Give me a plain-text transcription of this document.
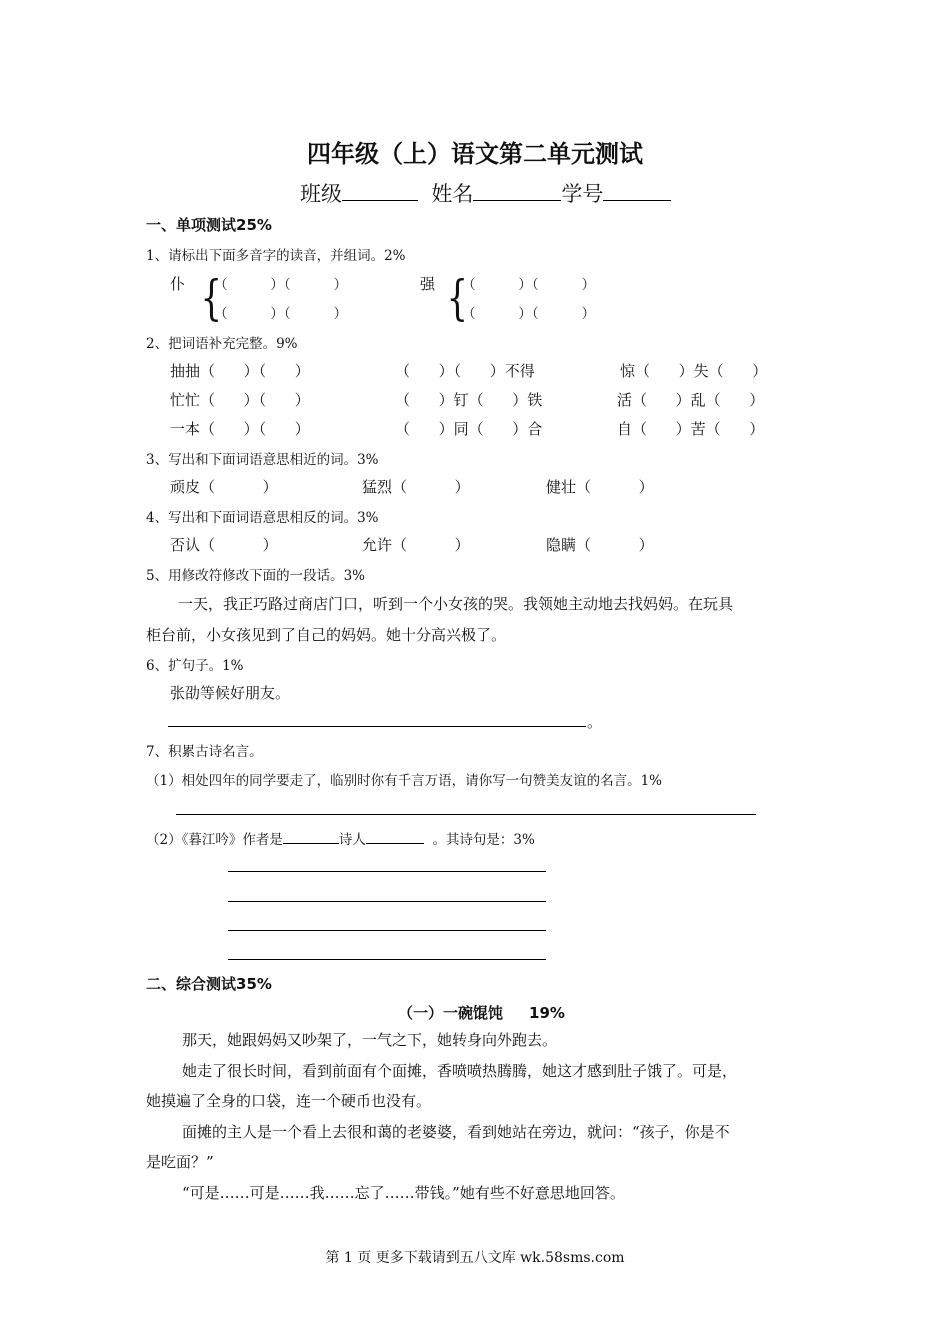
四年级（上）语文第二单元测试
班级	姓名	学号
一、单项测试25%
1、请标出下面多音字的读音，并组词。2%
仆 {
（          ）（          ）
（          ）（          ）
强 {
（          ）（          ）
（          ）（          ）
2、把词语补充完整。9%
抽抽（      ）（      ）	（      ）（      ）不得	惊（      ）失（      ）
忙忙（      ）（      ）	（      ）钉（      ）铁	活（      ）乱（      ）
一本（      ）（      ）	（      ）同（      ）合	自（      ）苦（      ）
3、写出和下面词语意思相近的词。3%
顽皮（          ）	猛烈（          ）	健壮（          ）
4、写出和下面词语意思相反的词。3%
否认（          ）	允许（          ）	隐瞒（          ）
5、用修改符修改下面的一段话。3%
一天，我正巧路过商店门口，听到一个小女孩的哭。我领她主动地去找妈妈。在玩具
柜台前，小女孩见到了自己的妈妈。她十分高兴极了。
6、扩句子。1%
张劭等候好朋友。
。
7、积累古诗名言。
（1）相处四年的同学要走了，临别时你有千言万语，请你写一句赞美友谊的名言。1%
（2）《暮江吟》作者是	诗人	。其诗句是：3%
二、综合测试35%
（一）一碗馄饨 19%
那天，她跟妈妈又吵架了，一气之下，她转身向外跑去。
她走了很长时间，看到前面有个面摊，香喷喷热腾腾，她这才感到肚子饿了。可是，
她摸遍了全身的口袋，连一个硬币也没有。
面摊的主人是一个看上去很和蔼的老婆婆，看到她站在旁边，就问：“孩子，你是不
是吃面？”
“可是……可是……我……忘了……带钱。”她有些不好意思地回答。
第 1 页 更多下载请到五八文库 wk.58sms.com
